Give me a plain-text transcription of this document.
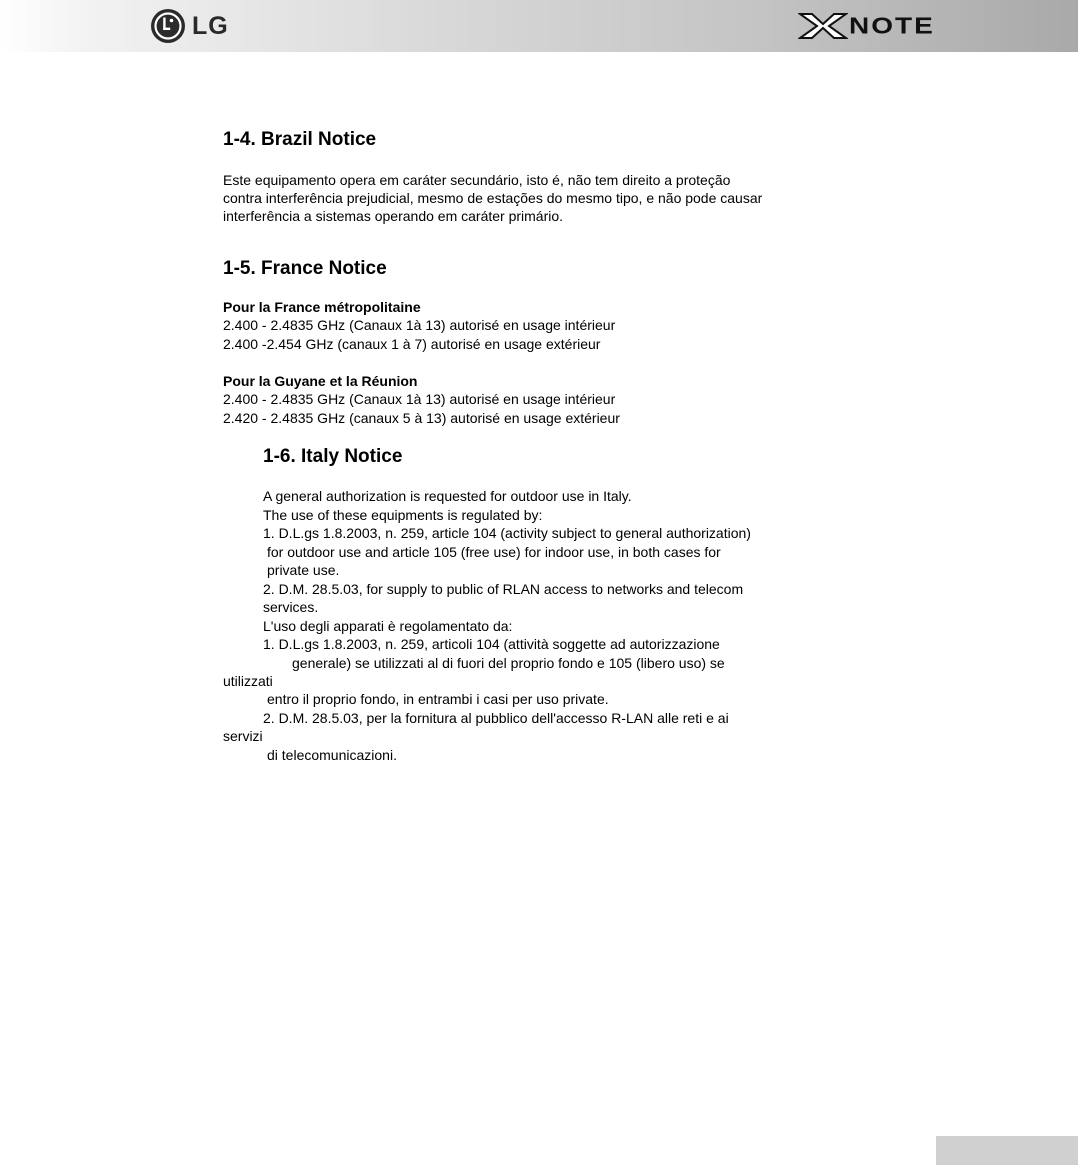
LG	NOTE
1-4. Brazil Notice

Este equipamento opera em caráter secundário, isto é, não tem direito a proteção

contra interferência prejudicial, mesmo de estações do mesmo tipo, e não pode causar

interferência a sistemas operando em caráter primário.

1-5. France Notice

Pour la France métropolitaine

2.400 - 2.4835 GHz (Canaux 1à 13) autorisé en usage intérieur

2.400 -2.454 GHz (canaux 1 à 7) autorisé en usage extérieur

Pour la Guyane et la Réunion

2.400 - 2.4835 GHz (Canaux 1à 13) autorisé en usage intérieur

2.420 - 2.4835 GHz (canaux 5 à 13) autorisé en usage extérieur

1-6. Italy Notice

A general authorization is requested for outdoor use in Italy.

The use of these equipments is regulated by:

1. D.L.gs 1.8.2003, n. 259, article 104 (activity subject to general authorization)

for outdoor use and article 105 (free use) for indoor use, in both cases for

private use.

2. D.M. 28.5.03, for supply to public of RLAN access to networks and telecom

services.

L'uso degli apparati è regolamentato da:

1. D.L.gs 1.8.2003, n. 259, articoli 104 (attività soggette ad autorizzazione

generale) se utilizzati al di fuori del proprio fondo e 105 (libero uso) se

utilizzati

entro il proprio fondo, in entrambi i casi per uso private.

2. D.M. 28.5.03, per la fornitura al pubblico dell'accesso R-LAN alle reti e ai

servizi

di telecomunicazioni.
